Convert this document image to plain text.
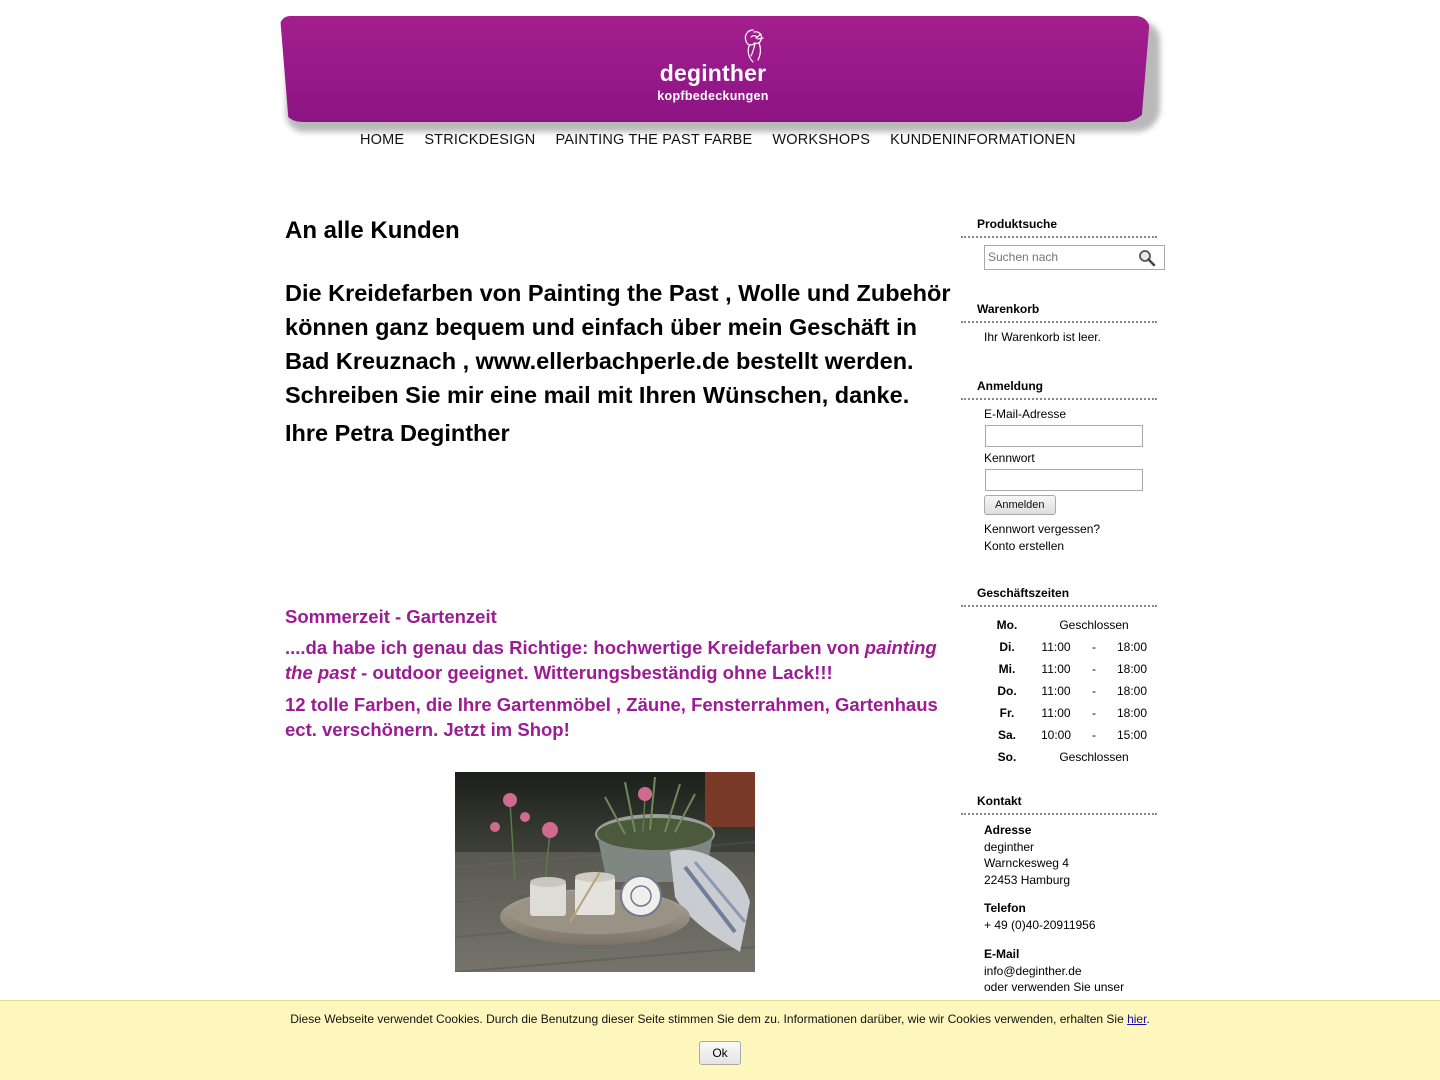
deginther
kopfbedeckungen
HOME	STRICKDESIGN	PAINTING THE PAST FARBE	WORKSHOPS	KUNDENINFORMATIONEN
An alle Kunden

Die Kreidefarben von Painting the Past , Wolle und Zubehör können ganz bequem und einfach über mein Geschäft in Bad Kreuznach , www.ellerbachperle.de bestellt werden. Schreiben Sie mir eine mail mit Ihren Wünschen, danke.

Ihre Petra Deginther

Sommerzeit - Gartenzeit
....da habe ich genau das Richtige: hochwertige Kreidefarben von painting the past - outdoor geeignet. Witterungsbeständig ohne Lack!!!
12 tolle Farben, die Ihre Gartenmöbel , Zäune, Fensterrahmen, Gartenhaus ect. verschönern. Jetzt im Shop!
Produktsuche
Suchen nach
Warenkorb
Ihr Warenkorb ist leer.
Anmeldung
E-Mail-Adresse
Kennwort
Anmelden
Kennwort vergessen?
Konto erstellen
Geschäftszeiten
Mo.	Geschlossen		
Di.	11:00	-	18:00
Mi.	11:00	-	18:00
Do.	11:00	-	18:00
Fr.	11:00	-	18:00
Sa.	10:00	-	15:00
So.	Geschlossen		
Kontakt
Adresse
deginther
Warnckesweg 4
22453 Hamburg
Telefon
+ 49 (0)40-20911956
E-Mail
info@deginther.de
oder verwenden Sie unser
Diese Webseite verwendet Cookies. Durch die Benutzung dieser Seite stimmen Sie dem zu. Informationen darüber, wie wir Cookies verwenden, erhalten Sie hier.
Ok
